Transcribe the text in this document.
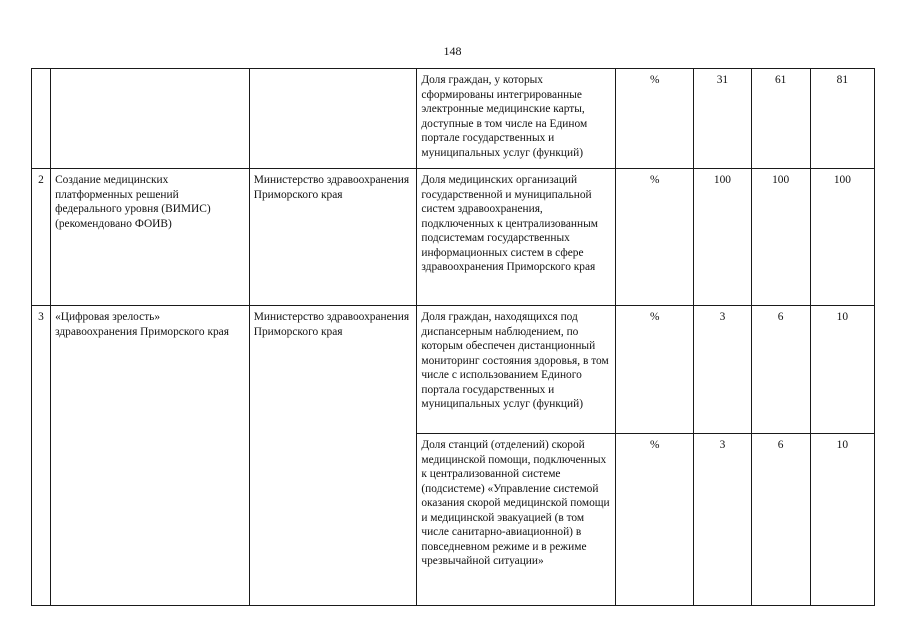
148
			Доля граждан, у которых сформированы интегрированные электронные медицинские карты, доступные в том числе на Едином портале государственных и муниципальных услуг (функций)	%	31	61	81
2	Создание медицинских платформенных решений федерального уровня (ВИМИС) (рекомендовано ФОИВ)	Министерство здравоохранения Приморского края	Доля медицинских организаций государственной и муниципальной систем здравоохранения, подключенных к централизованным подсистемам государственных информационных систем в сфере здравоохранения Приморского края	%	100	100	100
3	«Цифровая зрелость» здравоохранения Приморского края	Министерство здравоохранения Приморского края	Доля граждан, находящихся под диспансерным наблюдением, по которым обеспечен дистанционный мониторинг состояния здоровья, в том числе с использованием Единого портала государственных и муниципальных услуг (функций)	%	3	6	10
			Доля станций (отделений) скорой медицинской помощи, подключенных к централизованной системе (подсистеме) «Управление системой оказания скорой медицинской помощи и медицинской эвакуацией (в том числе санитарно-авиационной) в повседневном режиме и в режиме чрезвычайной ситуации»	%	3	6	10
